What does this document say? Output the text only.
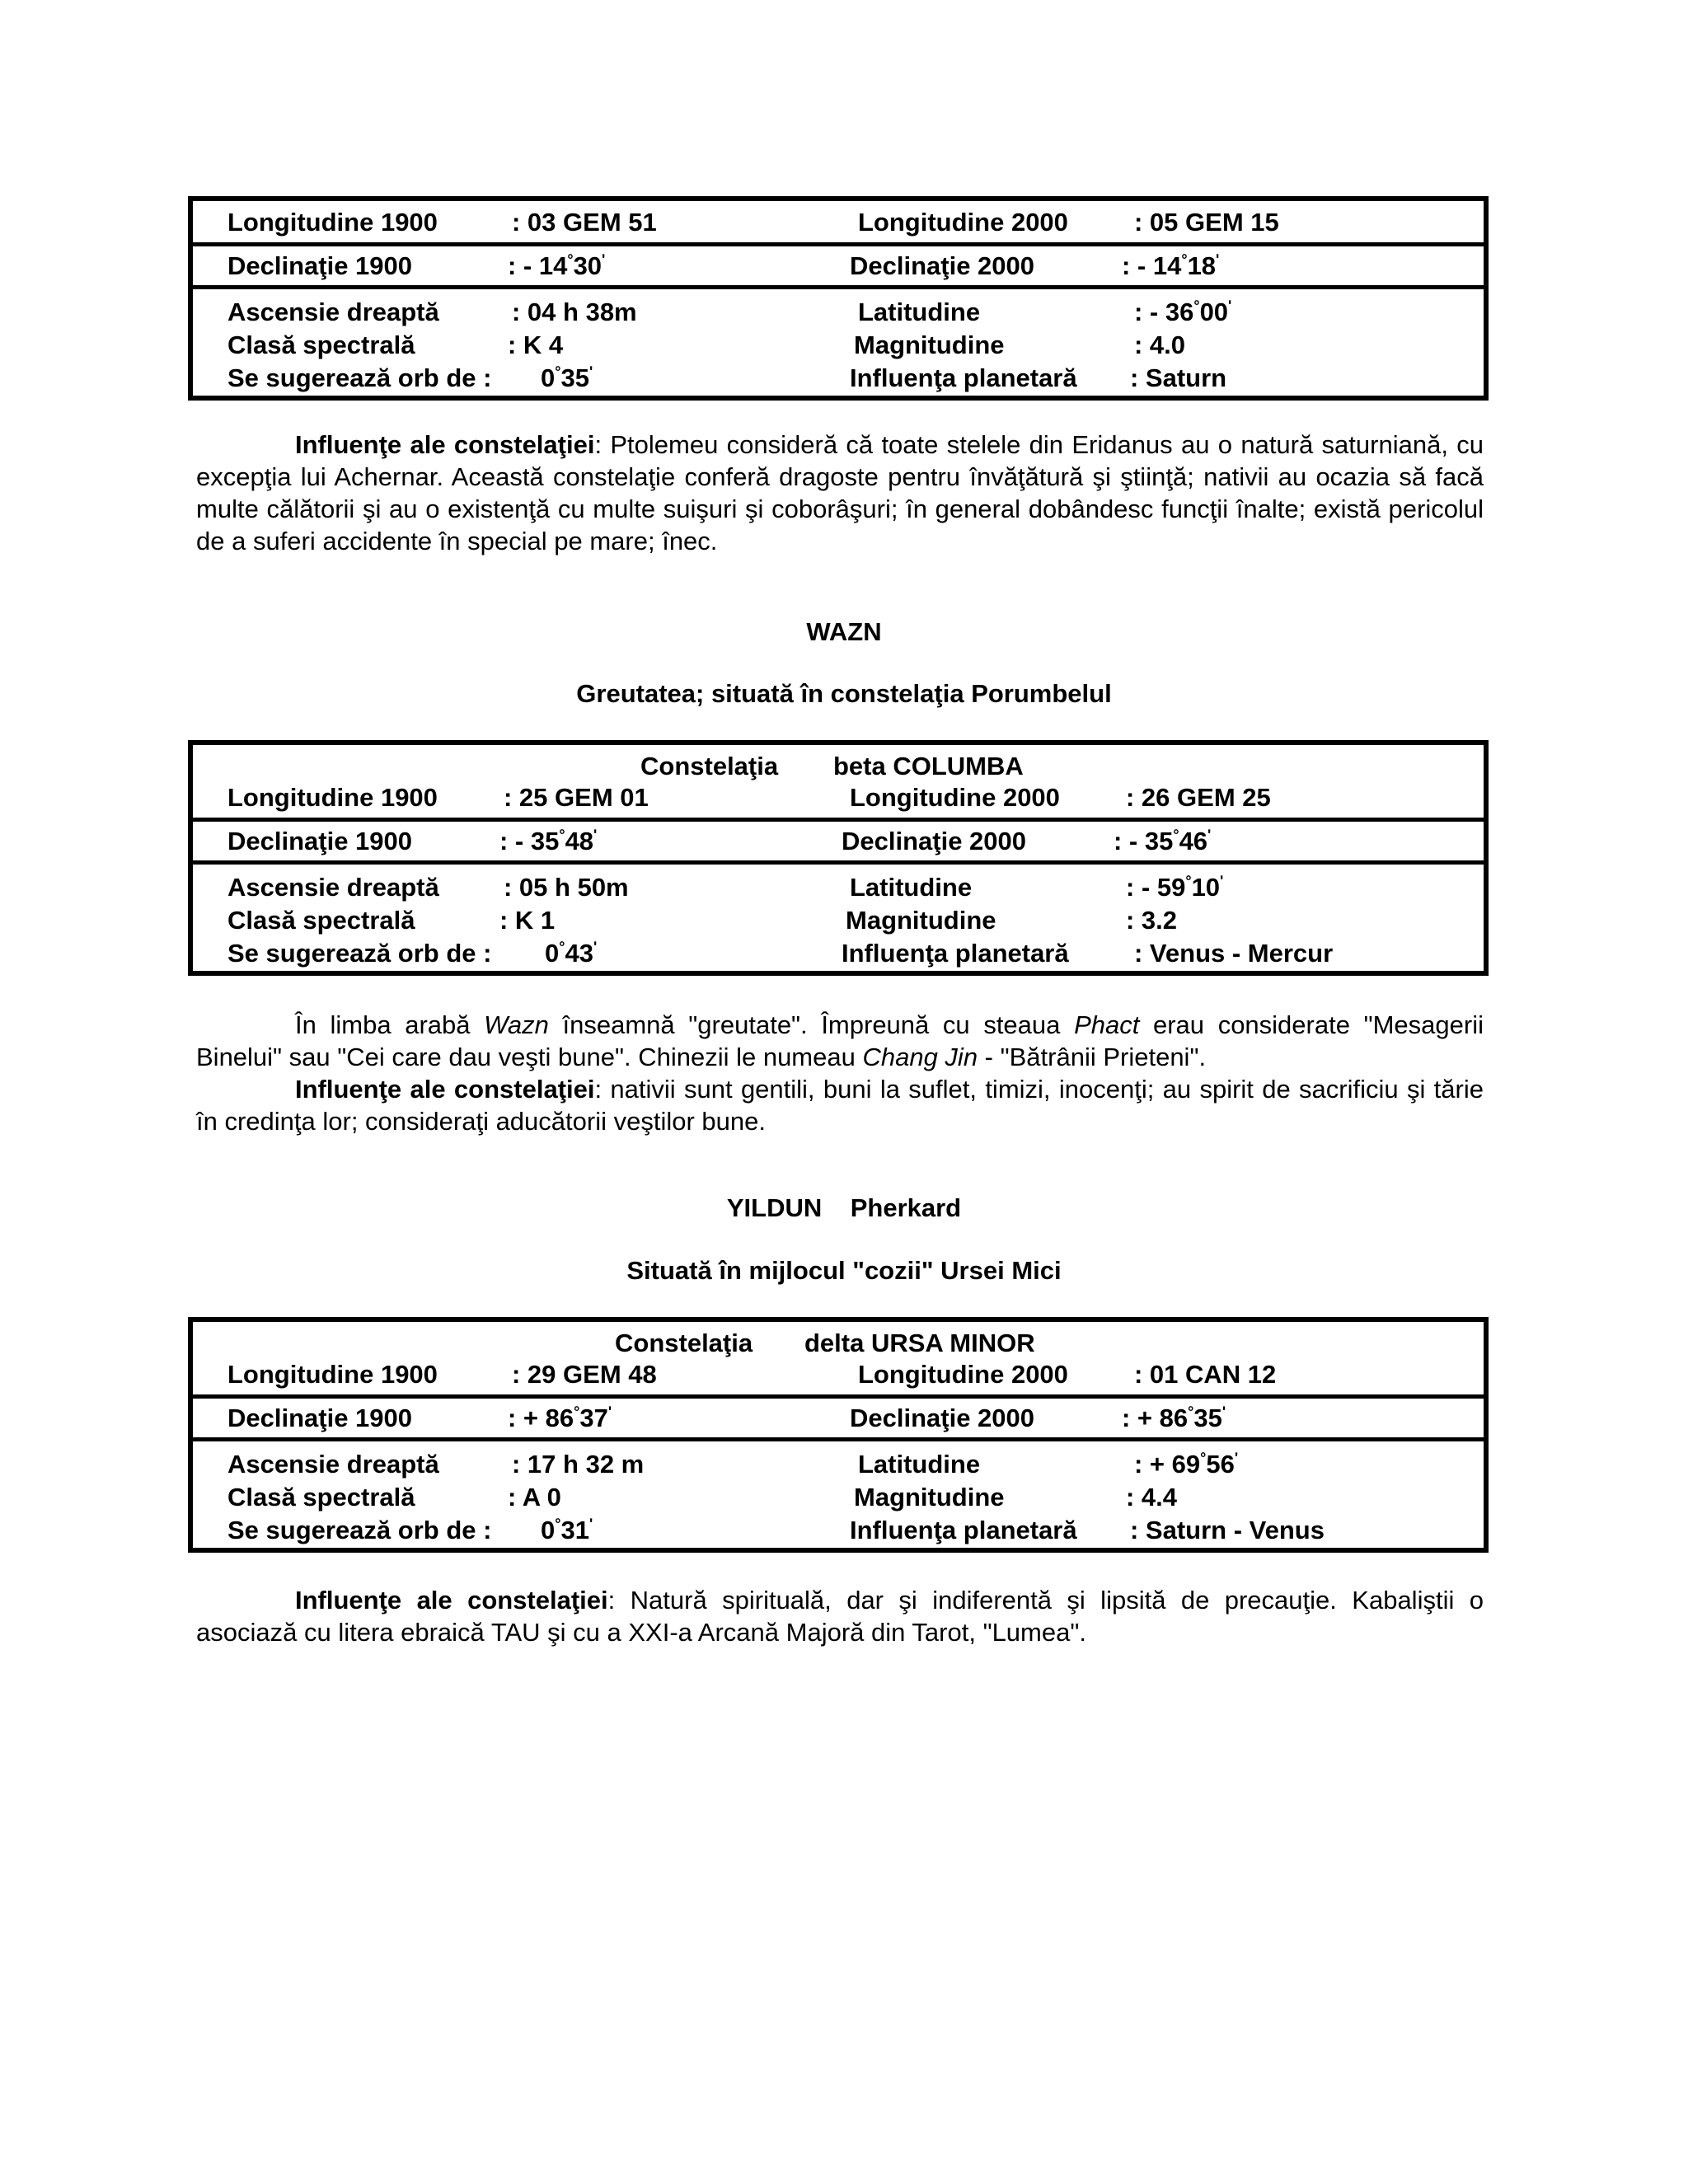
Longitudine 1900	: 03 GEM 51	Longitudine 2000	: 05 GEM 15
Declinaţie 1900	: - $14^\circ 30^ʹ$	Declinaţie 2000	: - $14^\circ 18^ʹ$
Ascensie dreaptă	: 04 h 38m	Latitudine	: - $36^\circ 00^ʹ$
Clasă spectrală	: K 4	Magnitudine	: 4.0
Se sugerează orb de : $0^\circ 35^ʹ$	Influenţa planetară : Saturn

Influenţe ale constelaţiei: Ptolemeu consideră că toate stelele din Eridanus au o natură saturniană, cu excepţia lui Achernar. Această constelaţie conferă dragoste pentru învăţătură şi ştiinţă; nativii au ocazia să facă multe călătorii şi au o existenţă cu multe suişuri şi coborâşuri; în general dobândesc funcţii înalte; există pericolul de a suferi accidente în special pe mare; înec.

WAZN
Greutatea; situată în constelaţia Porumbelul
Constelaţia beta COLUMBA
Longitudine 1900	: 25 GEM 01	Longitudine 2000	: 26 GEM 25
Declinaţie 1900	: - $35^\circ 48^ʹ$	Declinaţie 2000	: - $35^\circ 46^ʹ$
Ascensie dreaptă	: 05 h 50m	Latitudine	: - $59^\circ 10^ʹ$
Clasă spectrală	: K 1	Magnitudine	: 3.2
Se sugerează orb de : $0^\circ 43^ʹ$	Influenţa planetară	: Venus - Mercur

În limba arabă Wazn înseamnă "greutate". Împreună cu steaua Phact erau considerate "Mesagerii Binelui" sau "Cei care dau veşti bune". Chinezii le numeau Chang Jin - "Bătrânii Prieteni".

Influenţe ale constelaţiei: nativii sunt gentili, buni la suflet, timizi, inocenţi; au spirit de sacrificiu şi tărie în credinţa lor; consideraţi aducătorii veştilor bune.

YILDUN    Pherkard
Situată în mijlocul "cozii" Ursei Mici
Constelaţia delta URSA MINOR
Longitudine 1900	: 29 GEM 48	Longitudine 2000	: 01 CAN 12
Declinaţie 1900	: + $86^\circ 37^ʹ$	Declinaţie 2000	: + $86^\circ 35^ʹ$
Ascensie dreaptă	: 17 h 32 m	Latitudine	: + $69^\circ 56^ʹ$
Clasă spectrală	: A 0	Magnitudine	: 4.4
Se sugerează orb de : $0^\circ 31^ʹ$	Influenţa planetară : Saturn - Venus

Influenţe ale constelaţiei: Natură spirituală, dar şi indiferentă şi lipsită de precauţie. Kabaliştii o asociază cu litera ebraică TAU şi cu a XXI-a Arcană Majoră din Tarot, "Lumea".
